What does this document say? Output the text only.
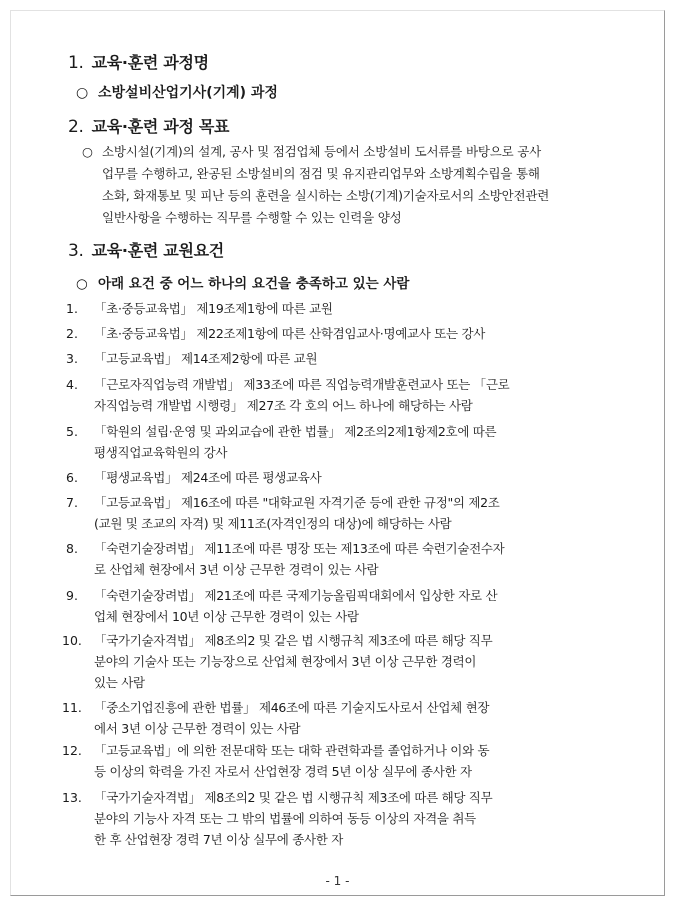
1. 교육·훈련 과정명
○ 소방설비산업기사(기계) 과정
2. 교육·훈련 과정 목표
○ 소방시설(기계)의 설계, 공사 및 점검업체 등에서 소방설비 도서류를 바탕으로 공사
업무를 수행하고, 완공된 소방설비의 점검 및 유지관리업무와 소방계획수립을 통해
소화, 화재통보 및 피난 등의 훈련을 실시하는 소방(기계)기술자로서의 소방안전관련
일반사항을 수행하는 직무를 수행할 수 있는 인력을 양성
3. 교육·훈련 교원요건
○ 아래 요건 중 어느 하나의 요건을 충족하고 있는 사람
1.	「초·중등교육법」 제19조제1항에 따른 교원
2.	「초·중등교육법」 제22조제1항에 따른 산학겸임교사·명예교사 또는 강사
3.	「고등교육법」 제14조제2항에 따른 교원
4.	「근로자직업능력 개발법」 제33조에 따른 직업능력개발훈련교사 또는 「근로
자직업능력 개발법 시행령」 제27조 각 호의 어느 하나에 해당하는 사람
5.	「학원의 설립·운영 및 과외교습에 관한 법률」 제2조의2제1항제2호에 따른
평생직업교육학원의 강사
6.	「평생교육법」 제24조에 따른 평생교육사
7.	「고등교육법」 제16조에 따른 "대학교원 자격기준 등에 관한 규정"의 제2조
(교원 및 조교의 자격) 및 제11조(자격인정의 대상)에 해당하는 사람
8.	「숙련기술장려법」 제11조에 따른 명장 또는 제13조에 따른 숙련기술전수자
로 산업체 현장에서 3년 이상 근무한 경력이 있는 사람
9.	「숙련기술장려법」 제21조에 따른 국제기능올림픽대회에서 입상한 자로 산
업체 현장에서 10년 이상 근무한 경력이 있는 사람
10. 「국가기술자격법」 제8조의2 및 같은 법 시행규칙 제3조에 따른 해당 직무
분야의 기술사 또는 기능장으로 산업체 현장에서 3년 이상 근무한 경력이
있는 사람
11. 「중소기업진흥에 관한 법률」 제46조에 따른 기술지도사로서 산업체 현장
에서 3년 이상 근무한 경력이 있는 사람
12. 「고등교육법」에 의한 전문대학 또는 대학 관련학과를 졸업하거나 이와 동
등 이상의 학력을 가진 자로서 산업현장 경력 5년 이상 실무에 종사한 자
13. 「국가기술자격법」 제8조의2 및 같은 법 시행규칙 제3조에 따른 해당 직무
분야의 기능사 자격 또는 그 밖의 법률에 의하여 동등 이상의 자격을 취득
한 후 산업현장 경력 7년 이상 실무에 종사한 자
- 1 -
